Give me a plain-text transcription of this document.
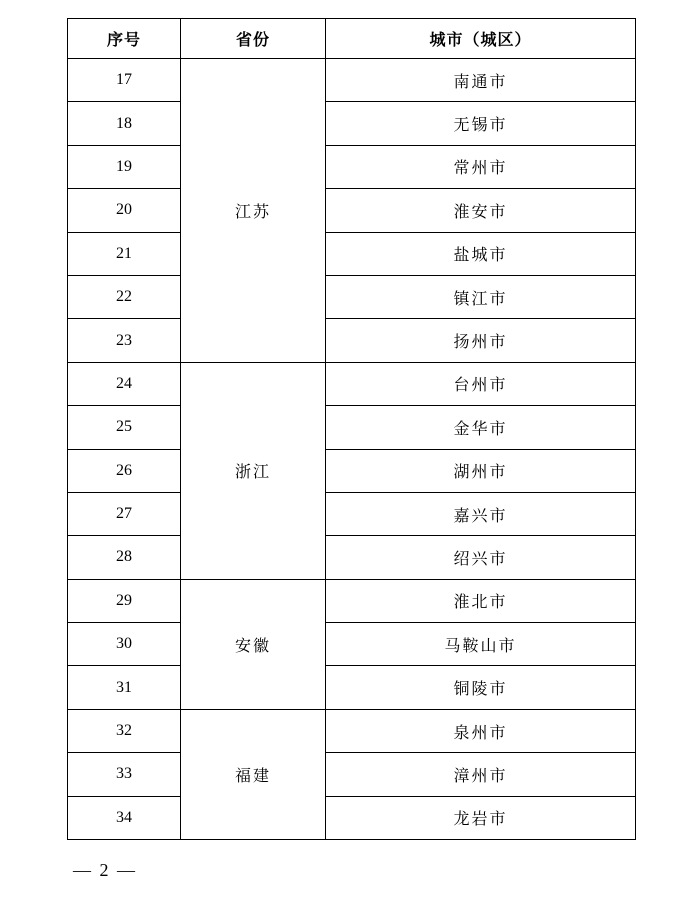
序号	省份	城市（城区）
17	江苏	南通市
18		无锡市
19		常州市
20		淮安市
21		盐城市
22		镇江市
23		扬州市
24	浙江	台州市
25		金华市
26		湖州市
27		嘉兴市
28		绍兴市
29	安徽	淮北市
30		马鞍山市
31		铜陵市
32	福建	泉州市
33		漳州市
34		龙岩市
— 2 —
